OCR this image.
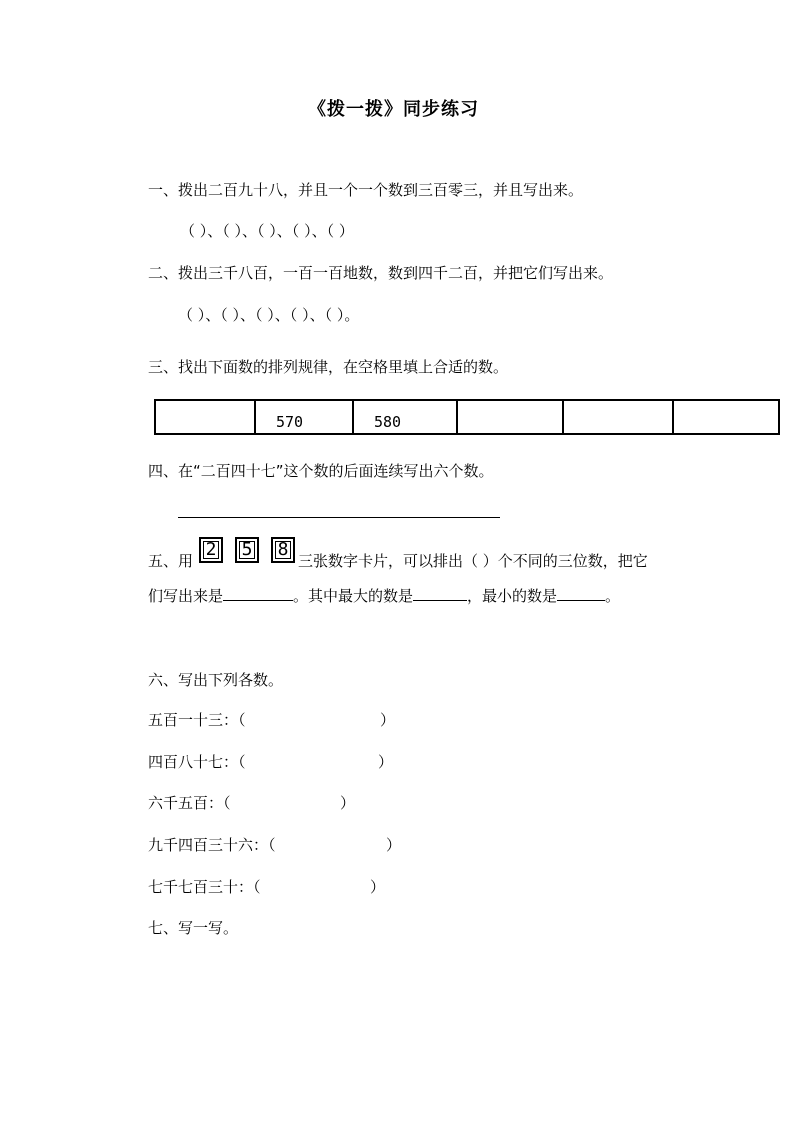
《拨一拨》同步练习
一、拨出二百九十八，并且一个一个数到三百零三，并且写出来。
（ ）、（ ）、（ ）、（ ）、（ ）
二、拨出三千八百，一百一百地数，数到四千二百，并把它们写出来。
（ ）、（ ）、（ ）、（ ）、（ ）。
三、找出下面数的排列规律，在空格里填上合适的数。
	570	580			
四、在“二百四十七”这个数的后面连续写出六个数。
五、用
2	5	8
三张数字卡片，可以排出（ ）个不同的三位数，把它
们写出来是	。其中最大的数是	，最小的数是	。
六、写出下列各数。
五百一十三：（	）
四百八十七：（	）
六千五百：（	）
九千四百三十六：（	）
七千七百三十：（	）
七、写一写。
